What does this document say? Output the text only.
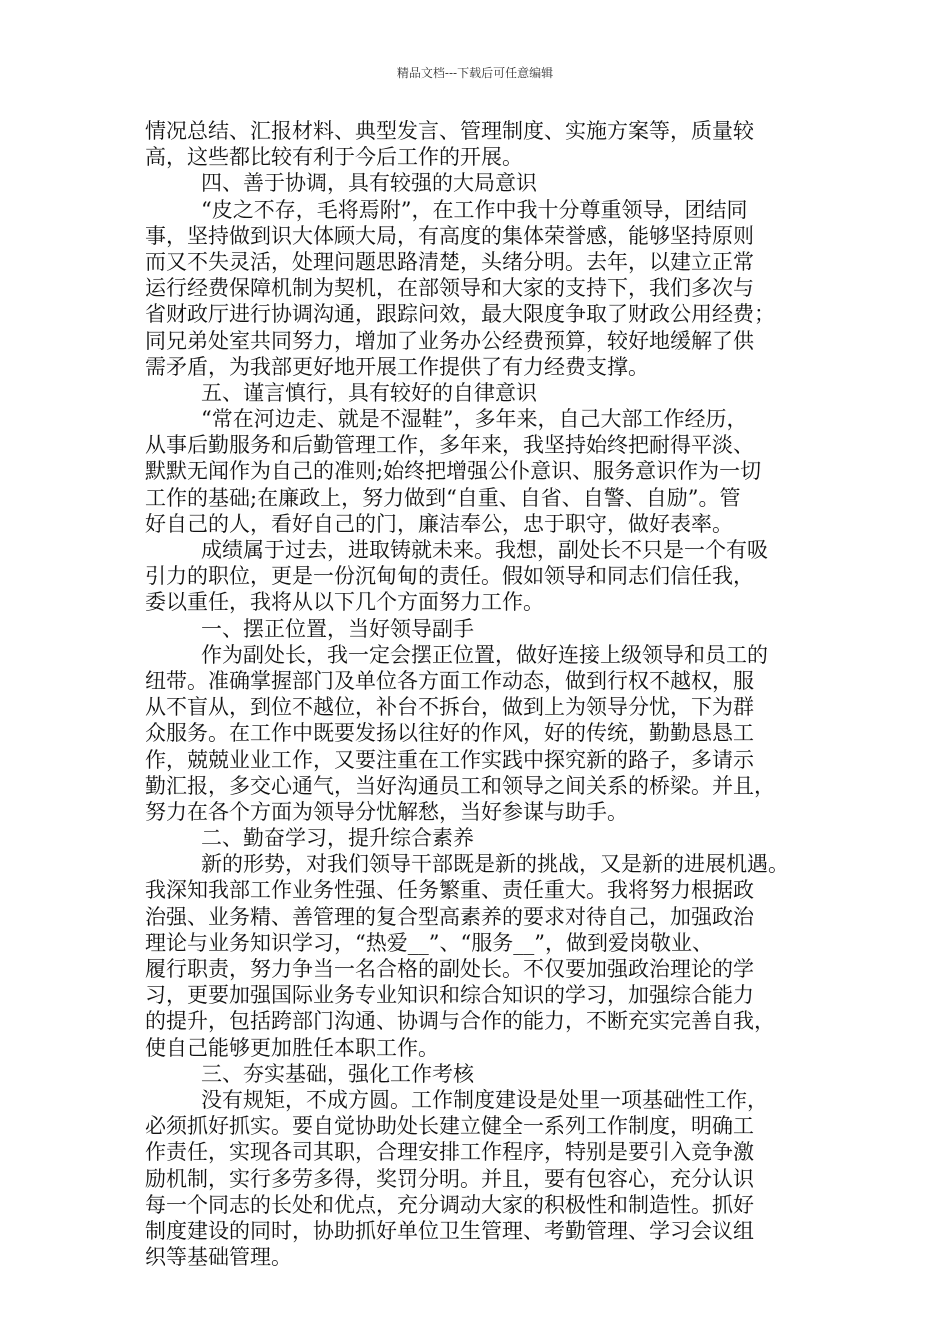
精品文档---下载后可任意编辑
情况总结、汇报材料、典型发言、管理制度、实施方案等，质量较
高，这些都比较有利于今后工作的开展。
四、善于协调，具有较强的大局意识
“皮之不存，毛将焉附”，在工作中我十分尊重领导，团结同
事，坚持做到识大体顾大局，有高度的集体荣誉感，能够坚持原则
而又不失灵活，处理问题思路清楚，头绪分明。去年，以建立正常
运行经费保障机制为契机，在部领导和大家的支持下，我们多次与
省财政厅进行协调沟通，跟踪问效，最大限度争取了财政公用经费；
同兄弟处室共同努力，增加了业务办公经费预算，较好地缓解了供
需矛盾，为我部更好地开展工作提供了有力经费支撑。
五、谨言慎行，具有较好的自律意识
“常在河边走、就是不湿鞋”，多年来，自己大部工作经历，
从事后勤服务和后勤管理工作，多年来，我坚持始终把耐得平淡、
默默无闻作为自己的准则;始终把增强公仆意识、服务意识作为一切
工作的基础;在廉政上，努力做到“自重、自省、自警、自励”。管
好自己的人，看好自己的门，廉洁奉公，忠于职守，做好表率。
成绩属于过去，进取铸就未来。我想，副处长不只是一个有吸
引力的职位，更是一份沉甸甸的责任。假如领导和同志们信任我，
委以重任，我将从以下几个方面努力工作。
一、摆正位置，当好领导副手
作为副处长，我一定会摆正位置，做好连接上级领导和员工的
纽带。准确掌握部门及单位各方面工作动态，做到行权不越权，服
从不盲从，到位不越位，补台不拆台，做到上为领导分忧，下为群
众服务。在工作中既要发扬以往好的作风，好的传统，勤勤恳恳工
作，兢兢业业工作，又要注重在工作实践中探究新的路子，多请示
勤汇报，多交心通气，当好沟通员工和领导之间关系的桥梁。并且，
努力在各个方面为领导分忧解愁，当好参谋与助手。
二、勤奋学习，提升综合素养
新的形势，对我们领导干部既是新的挑战，又是新的进展机遇。
我深知我部工作业务性强、任务繁重、责任重大。我将努力根据政
治强、业务精、善管理的复合型高素养的要求对待自己，加强政治
理论与业务知识学习，“热爱__”、“服务__”，做到爱岗敬业、
履行职责，努力争当一名合格的副处长。不仅要加强政治理论的学
习，更要加强国际业务专业知识和综合知识的学习，加强综合能力
的提升，包括跨部门沟通、协调与合作的能力，不断充实完善自我，
使自己能够更加胜任本职工作。
三、夯实基础，强化工作考核
没有规矩，不成方圆。工作制度建设是处里一项基础性工作，
必须抓好抓实。要自觉协助处长建立健全一系列工作制度，明确工
作责任，实现各司其职，合理安排工作程序，特别是要引入竞争激
励机制，实行多劳多得，奖罚分明。并且，要有包容心，充分认识
每一个同志的长处和优点，充分调动大家的积极性和制造性。抓好
制度建设的同时，协助抓好单位卫生管理、考勤管理、学习会议组
织等基础管理。
